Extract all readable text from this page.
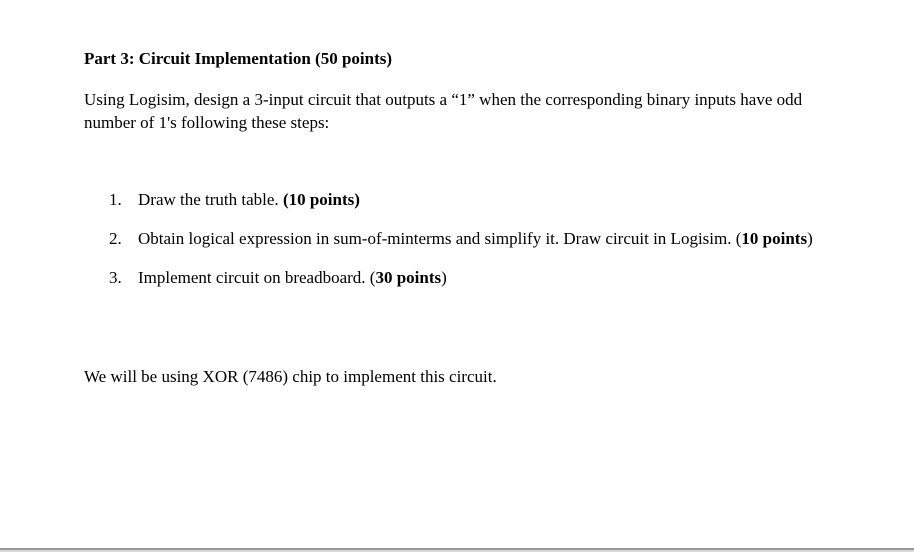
Part 3: Circuit Implementation (50 points)
Using Logisim, design a 3-input circuit that outputs a “1” when the corresponding binary inputs have odd number of 1's following these steps:
1. Draw the truth table. (10 points)
2. Obtain logical expression in sum-of-minterms and simplify it. Draw circuit in Logisim. (10 points)
3. Implement circuit on breadboard. (30 points)
We will be using XOR (7486) chip to implement this circuit.
